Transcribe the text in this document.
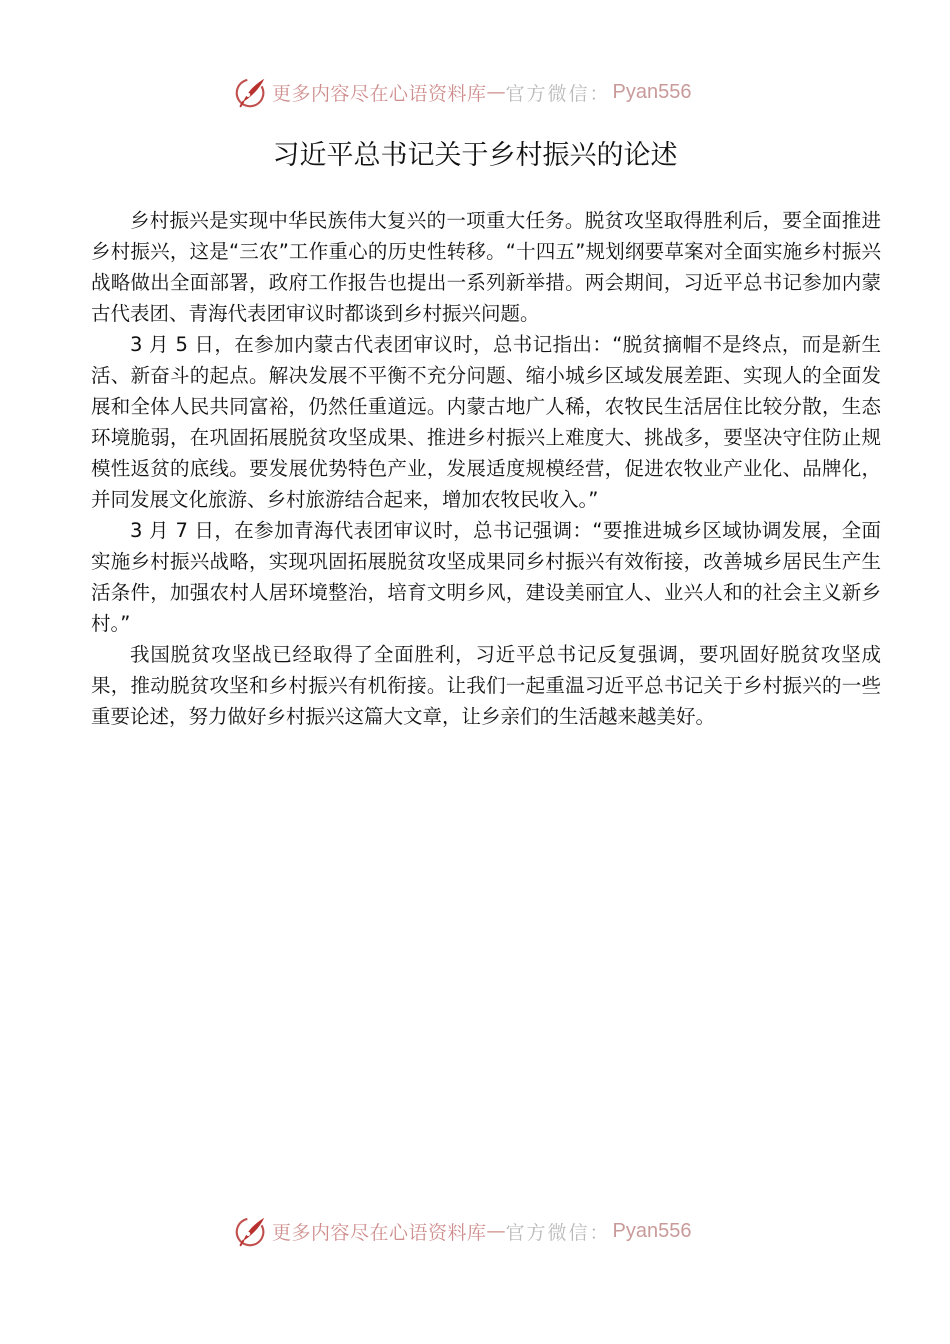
更多内容尽在心语资料库 — 官方微信： Pyan556
习近平总书记关于乡村振兴的论述

乡村振兴是实现中华民族伟大复兴的一项重大任务。脱贫攻坚取得胜利后，要全面推进乡村振兴，这是“三农”工作重心的历史性转移。“十四五”规划纲要草案对全面实施乡村振兴战略做出全面部署，政府工作报告也提出一系列新举措。两会期间，习近平总书记参加内蒙古代表团、青海代表团审议时都谈到乡村振兴问题。

3 月 5 日，在参加内蒙古代表团审议时，总书记指出：“脱贫摘帽不是终点，而是新生活、新奋斗的起点。解决发展不平衡不充分问题、缩小城乡区域发展差距、实现人的全面发展和全体人民共同富裕，仍然任重道远。内蒙古地广人稀，农牧民生活居住比较分散，生态环境脆弱，在巩固拓展脱贫攻坚成果、推进乡村振兴上难度大、挑战多，要坚决守住防止规模性返贫的底线。要发展优势特色产业，发展适度规模经营，促进农牧业产业化、品牌化，并同发展文化旅游、乡村旅游结合起来，增加农牧民收入。”

3 月 7 日，在参加青海代表团审议时，总书记强调：“要推进城乡区域协调发展，全面实施乡村振兴战略，实现巩固拓展脱贫攻坚成果同乡村振兴有效衔接，改善城乡居民生产生活条件，加强农村人居环境整治，培育文明乡风，建设美丽宜人、业兴人和的社会主义新乡村。”

我国脱贫攻坚战已经取得了全面胜利，习近平总书记反复强调，要巩固好脱贫攻坚成果，推动脱贫攻坚和乡村振兴有机衔接。让我们一起重温习近平总书记关于乡村振兴的一些重要论述，努力做好乡村振兴这篇大文章，让乡亲们的生活越来越美好。

更多内容尽在心语资料库 — 官方微信： Pyan556
